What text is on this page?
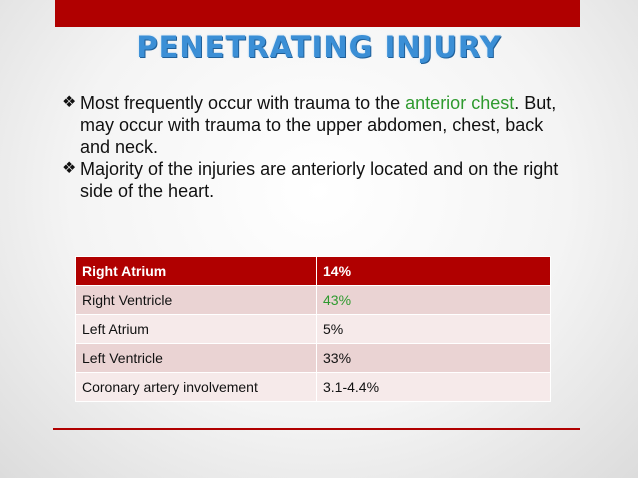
PENETRATING INJURY
❖ Most frequently occur with trauma to the anterior chest. But, may occur with trauma to the upper abdomen, chest, back and neck.
❖ Majority of the injuries are anteriorly located and on the right side of the heart.
Right Atrium	14%
Right Ventricle	43%
Left Atrium	5%
Left Ventricle	33%
Coronary artery involvement	3.1-4.4%
